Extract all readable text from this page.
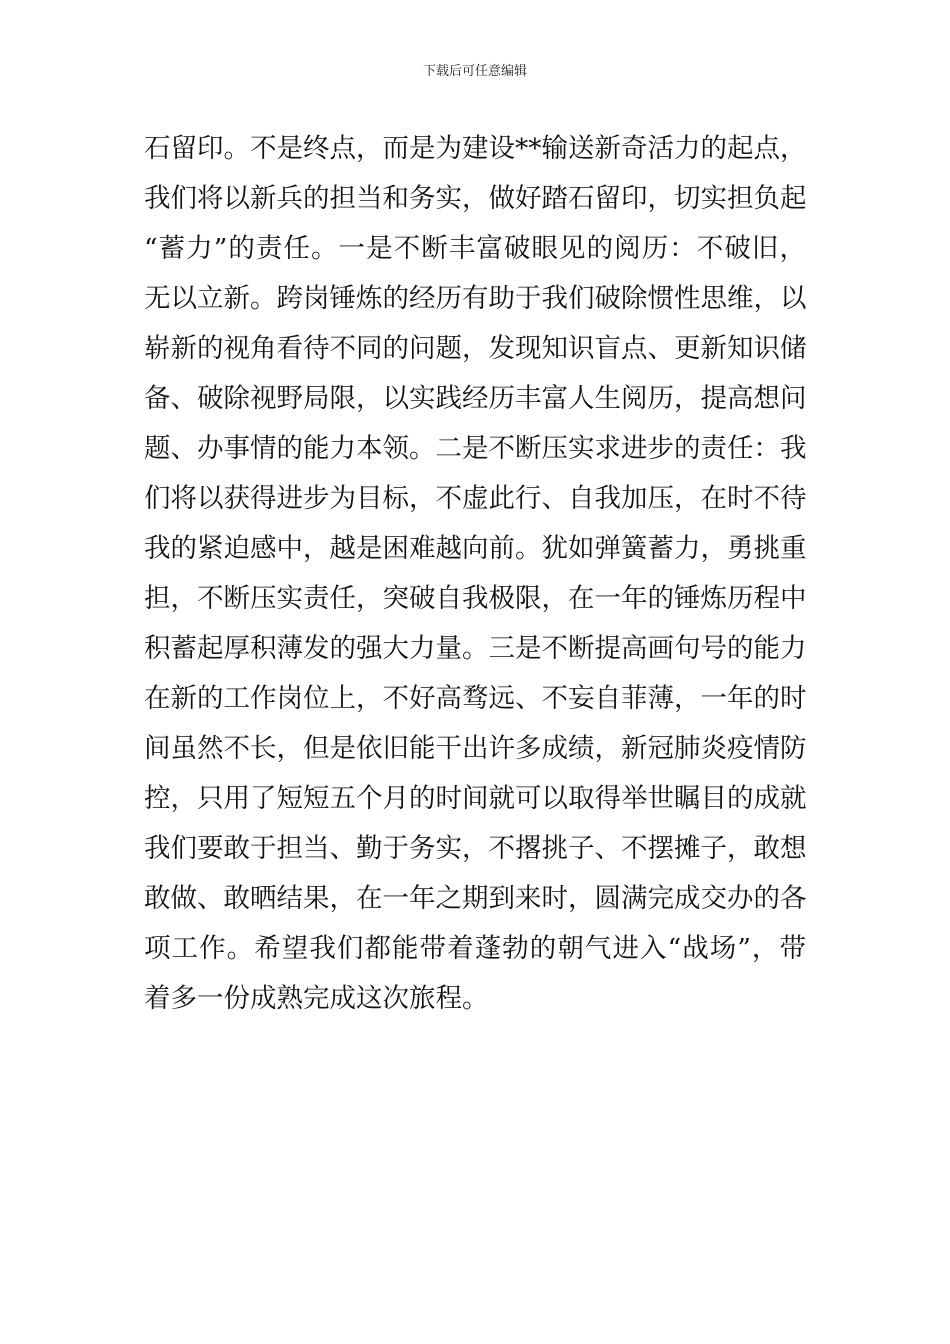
下载后可任意编辑
石留印。不是终点，而是为建设**输送新奇活力的起点，
我们将以新兵的担当和务实，做好踏石留印，切实担负起
“蓄力”的责任。一是不断丰富破眼见的阅历：不破旧，
无以立新。跨岗锤炼的经历有助于我们破除惯性思维，以
崭新的视角看待不同的问题，发现知识盲点、更新知识储
备、破除视野局限，以实践经历丰富人生阅历，提高想问
题、办事情的能力本领。二是不断压实求进步的责任：我
们将以获得进步为目标，不虚此行、自我加压，在时不待
我的紧迫感中，越是困难越向前。犹如弹簧蓄力，勇挑重
担，不断压实责任，突破自我极限，在一年的锤炼历程中
积蓄起厚积薄发的强大力量。三是不断提高画句号的能力
在新的工作岗位上，不好高骛远、不妄自菲薄，一年的时
间虽然不长，但是依旧能干出许多成绩，新冠肺炎疫情防
控，只用了短短五个月的时间就可以取得举世瞩目的成就
我们要敢于担当、勤于务实，不撂挑子、不摆摊子，敢想
敢做、敢晒结果，在一年之期到来时，圆满完成交办的各
项工作。希望我们都能带着蓬勃的朝气进入“战场”，带
着多一份成熟完成这次旅程。
